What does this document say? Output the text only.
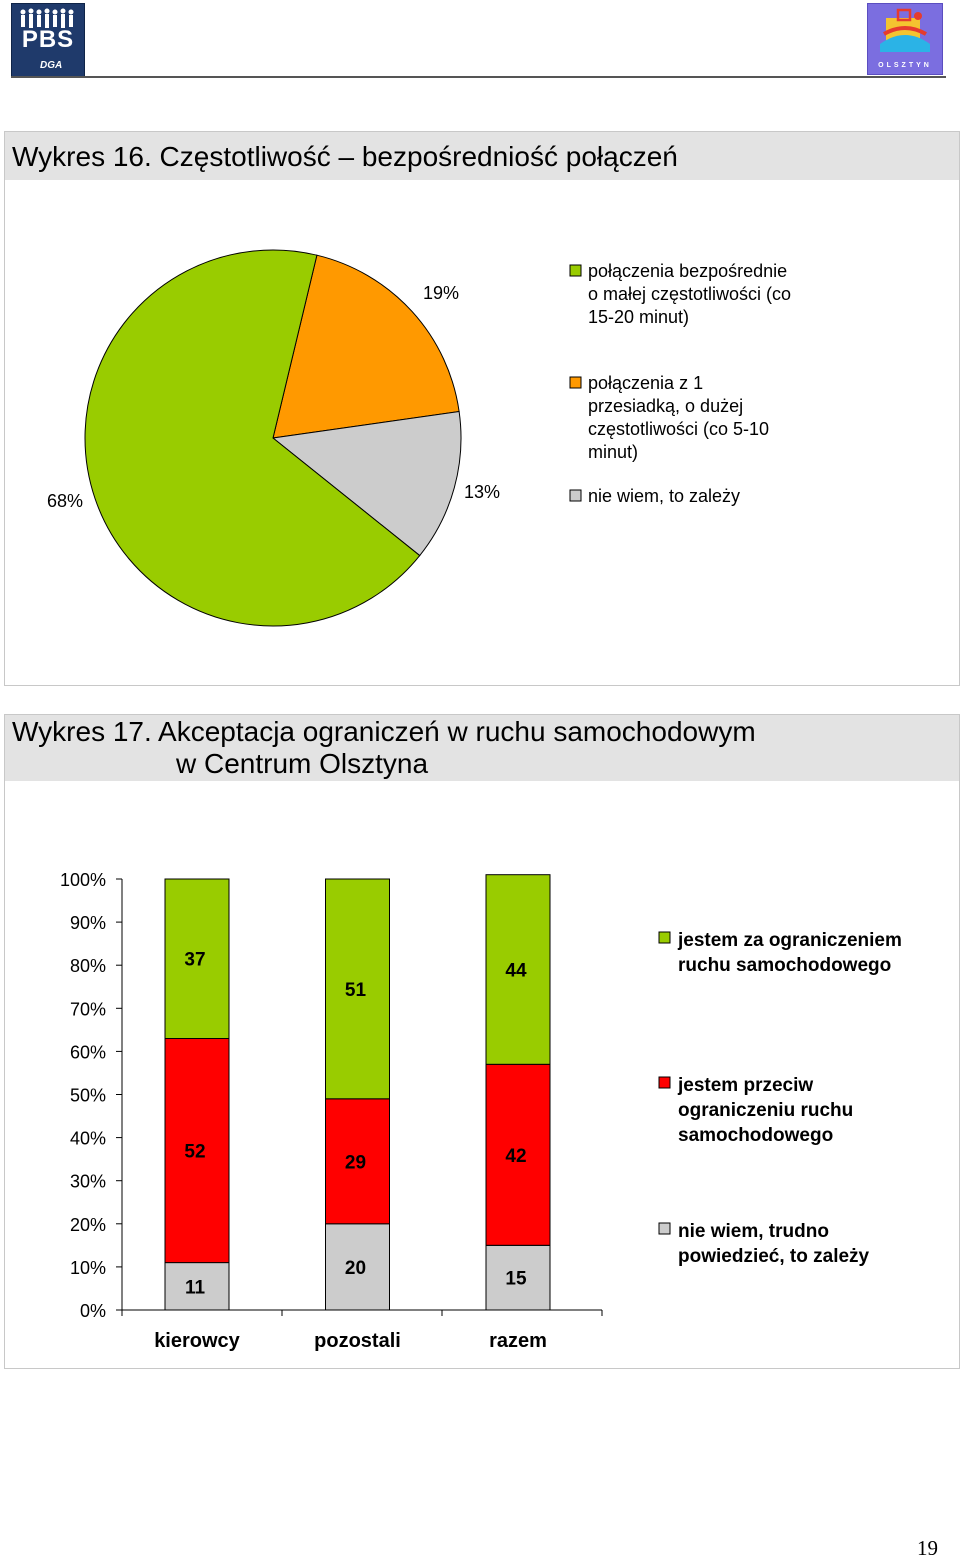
PBS
DGA	OLSZTYN
Wykres 16. Częstotliwość – bezpośredniość połączeń
68%
19%
13%
połączenia bezpośrednie
o małej częstotliwości (co
15-20 minut)
połączenia z 1
przesiadką, o dużej
częstotliwości (co 5-10
minut)
nie wiem, to zależy
Wykres 17. Akceptacja ograniczeń w ruchu samochodowym
w Centrum Olsztyna
0%
10%
20%
30%
40%
50%
60%
70%
80%
90%
100%
11
52
37
kierowcy
20
29
51
pozostali
15
42
44
razem
jestem za ograniczeniem
ruchu samochodowego
jestem przeciw
ograniczeniu ruchu
samochodowego
nie wiem, trudno
powiedzieć, to zależy
19
